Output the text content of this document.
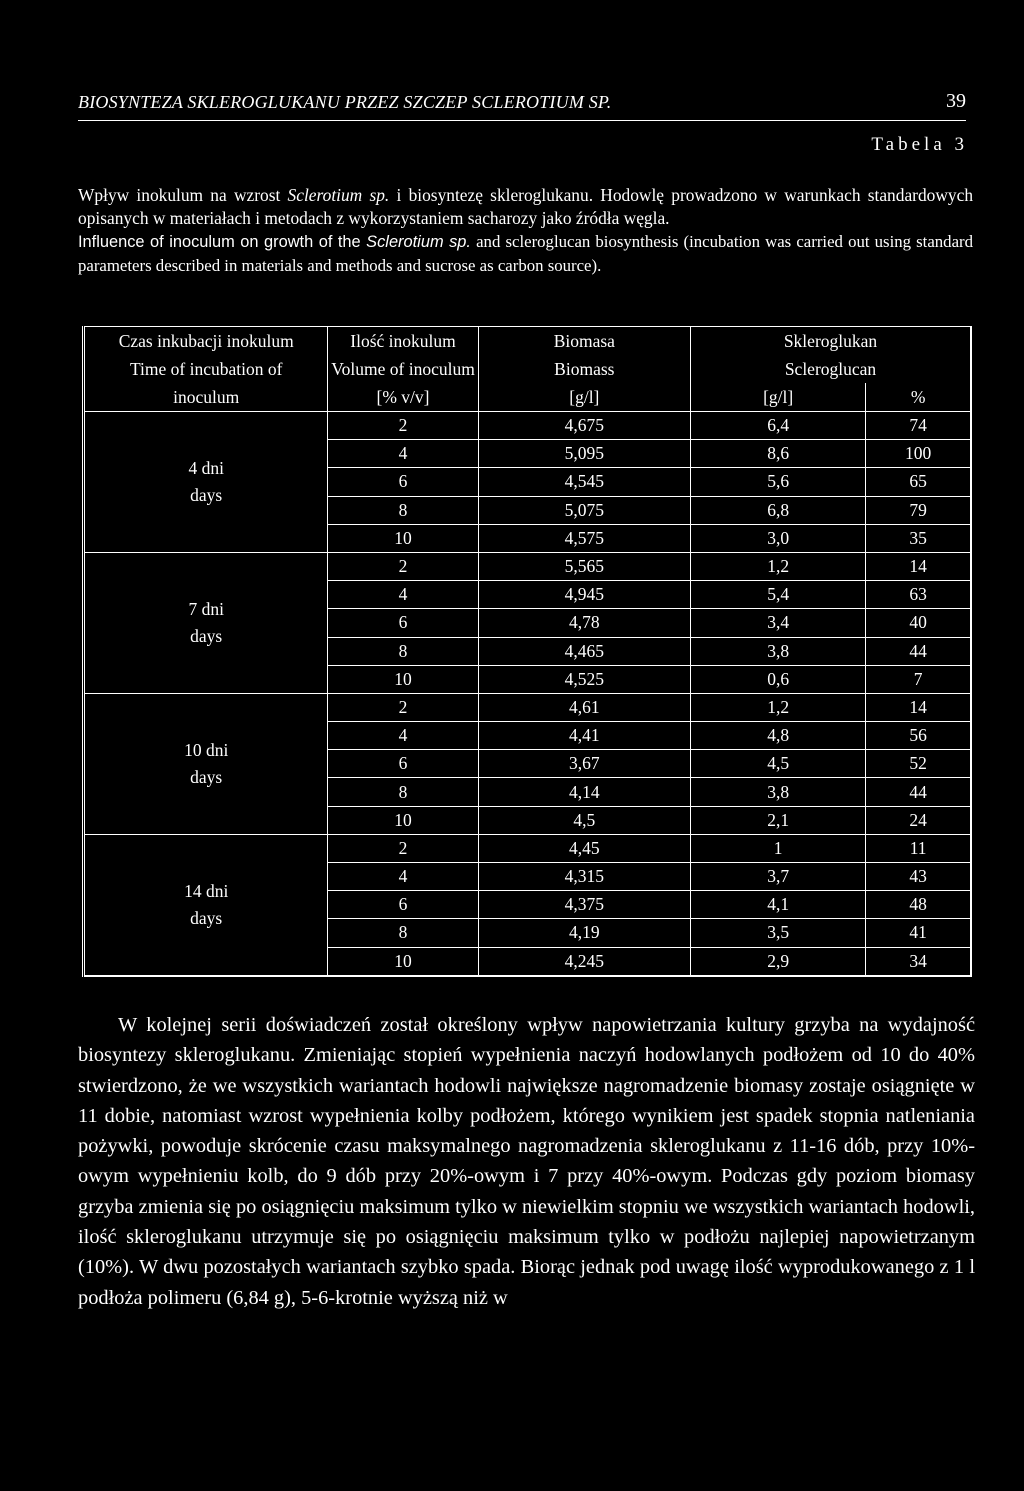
BIOSYNTEZA SKLEROGLUKANU PRZEZ SZCZEP SCLEROTIUM SP.	39
Tabela 3

Wpływ inokulum na wzrost Sclerotium sp. i biosyntezę skleroglukanu. Hodowlę prowadzono w warunkach standardowych opisanych w materiałach i metodach z wykorzystaniem sacharozy jako źródła węgla.

Influence of inoculum on growth of the Sclerotium sp. and scleroglucan biosynthesis (incubation was carried out using standard parameters described in materials and methods and sucrose as carbon source).

Czas inkubacji inokulum	Ilość inokulum	Biomasa	Skleroglukan	
Time of incubation of	Volume of inoculum	Biomass	Scleroglucan	
inoculum	[% v/v]	[g/l]	[g/l]	%

4 dni
days	2	4,675	6,4	74
	4	5,095	8,6	100
	6	4,545	5,6	65
	8	5,075	6,8	79
	10	4,575	3,0	35

7 dni
days	2	5,565	1,2	14
	4	4,945	5,4	63
	6	4,78	3,4	40
	8	4,465	3,8	44
	10	4,525	0,6	7

10 dni
days	2	4,61	1,2	14
	4	4,41	4,8	56
	6	3,67	4,5	52
	8	4,14	3,8	44
	10	4,5	2,1	24

14 dni
days	2	4,45	1	11
	4	4,315	3,7	43
	6	4,375	4,1	48
	8	4,19	3,5	41
	10	4,245	2,9	34

W kolejnej serii doświadczeń został określony wpływ napowietrzania kultury grzyba na wydajność biosyntezy skleroglukanu. Zmieniając stopień wypełnienia naczyń hodowlanych podłożem od 10 do 40% stwierdzono, że we wszystkich wariantach hodowli największe nagromadzenie biomasy zostaje osiągnięte w 11 dobie, natomiast wzrost wypełnienia kolby podłożem, którego wynikiem jest spadek stopnia natleniania pożywki, powoduje skrócenie czasu maksymalnego nagromadzenia skleroglukanu z 11-16 dób, przy 10%-owym wypełnieniu kolb, do 9 dób przy 20%-owym i 7 przy 40%-owym. Podczas gdy poziom biomasy grzyba zmienia się po osiągnięciu maksimum tylko w niewielkim stopniu we wszystkich wariantach hodowli, ilość skleroglukanu utrzymuje się po osiągnięciu maksimum tylko w podłożu najlepiej napowietrzanym (10%). W dwu pozostałych wariantach szybko spada. Biorąc jednak pod uwagę ilość wyprodukowanego z 1 l podłoża polimeru (6,84 g), 5-6-krotnie wyższą niż w
